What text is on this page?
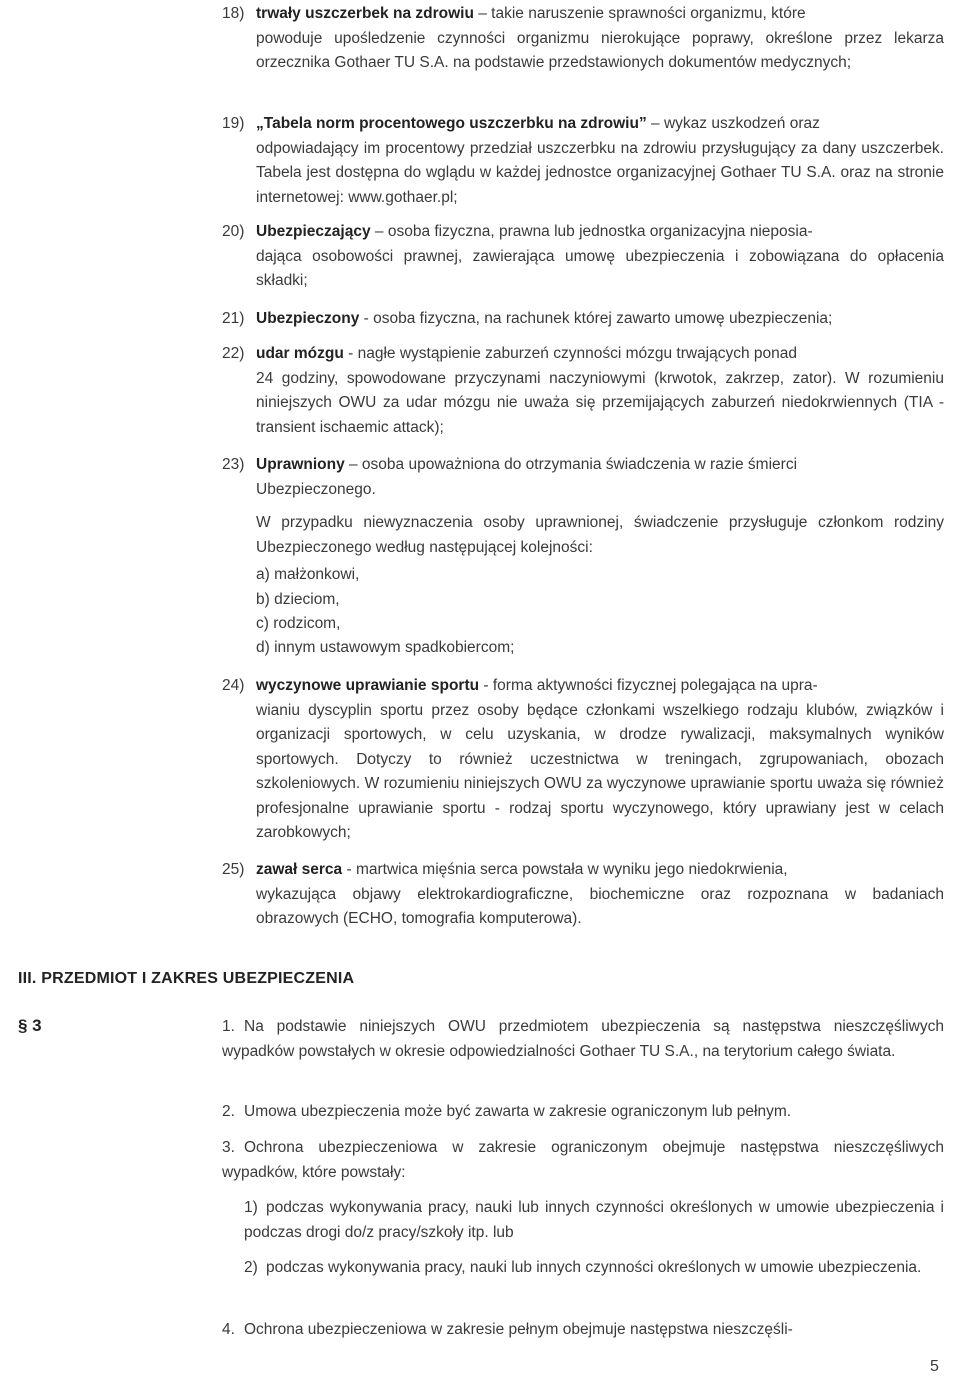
18) trwały uszczerbek na zdrowiu – takie naruszenie sprawności organizmu, które
powoduje upośledzenie czynności organizmu nierokujące poprawy, określone przez lekarza orzecznika Gothaer TU S.A. na podstawie przedstawionych dokumentów medycznych;
19) „Tabela norm procentowego uszczerbku na zdrowiu” – wykaz uszkodzeń oraz
odpowiadający im procentowy przedział uszczerbku na zdrowiu przysługujący za dany uszczerbek. Tabela jest dostępna do wglądu w każdej jednostce organizacyjnej Gothaer TU S.A. oraz na stronie internetowej: www.gothaer.pl;
20) Ubezpieczający – osoba fizyczna, prawna lub jednostka organizacyjna nieposia-
dająca osobowości prawnej, zawierająca umowę ubezpieczenia i zobowiązana do opłacenia składki;
21) Ubezpieczony - osoba fizyczna, na rachunek której zawarto umowę ubezpieczenia;
22) udar mózgu - nagłe wystąpienie zaburzeń czynności mózgu trwających ponad
24 godziny, spowodowane przyczynami naczyniowymi (krwotok, zakrzep, zator). W rozumieniu niniejszych OWU za udar mózgu nie uważa się przemijających zaburzeń niedokrwiennych (TIA - transient ischaemic attack);
23) Uprawniony – osoba upoważniona do otrzymania świadczenia w razie śmierci
Ubezpieczonego.
W przypadku niewyznaczenia osoby uprawnionej, świadczenie przysługuje członkom rodziny Ubezpieczonego według następującej kolejności:
a) małżonkowi,
b) dzieciom,
c) rodzicom,
d) innym ustawowym spadkobiercom;
24) wyczynowe uprawianie sportu - forma aktywności fizycznej polegająca na upra-
wianiu dyscyplin sportu przez osoby będące członkami wszelkiego rodzaju klubów, związków i organizacji sportowych, w celu uzyskania, w drodze rywalizacji, maksymalnych wyników sportowych. Dotyczy to również uczestnictwa w treningach, zgrupowaniach, obozach szkoleniowych. W rozumieniu niniejszych OWU za wyczynowe uprawianie sportu uważa się również profesjonalne uprawianie sportu - rodzaj sportu wyczynowego, który uprawiany jest w celach zarobkowych;
25) zawał serca - martwica mięśnia serca powstała w wyniku jego niedokrwienia,
wykazująca objawy elektrokardiograficzne, biochemiczne oraz rozpoznana w badaniach obrazowych (ECHO, tomografia komputerowa).
III. PRZEDMIOT I ZAKRES UBEZPIECZENIA
§ 3	1. Na podstawie niniejszych OWU przedmiotem ubezpieczenia są następstwa nieszczęśliwych wypadków powstałych w okresie odpowiedzialności Gothaer TU S.A., na terytorium całego świata.
2. Umowa ubezpieczenia może być zawarta w zakresie ograniczonym lub pełnym.
3. Ochrona ubezpieczeniowa w zakresie ograniczonym obejmuje następstwa nieszczęśliwych wypadków, które powstały:
1) podczas wykonywania pracy, nauki lub innych czynności określonych w umowie ubezpieczenia i podczas drogi do/z pracy/szkoły itp. lub
2) podczas wykonywania pracy, nauki lub innych czynności określonych w umowie ubezpieczenia.
4. Ochrona ubezpieczeniowa w zakresie pełnym obejmuje następstwa nieszczęśli-
5
